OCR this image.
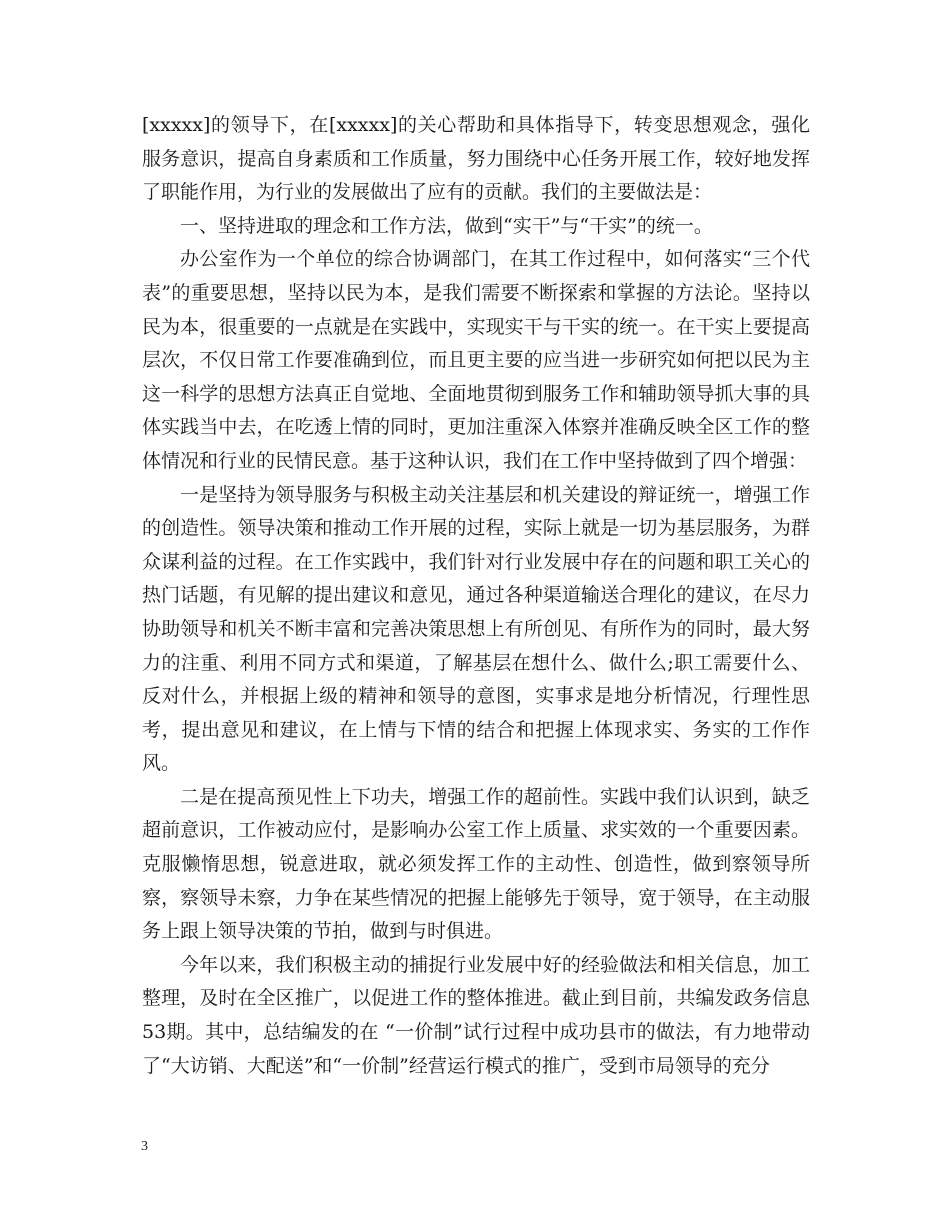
[xxxxx]的领导下，在[xxxxx]的关心帮助和具体指导下，转变思想观念，强化服务意识，提高自身素质和工作质量，努力围绕中心任务开展工作，较好地发挥了职能作用，为行业的发展做出了应有的贡献。我们的主要做法是：

一、坚持进取的理念和工作方法，做到“实干”与“干实”的统一。

办公室作为一个单位的综合协调部门，在其工作过程中，如何落实“三个代表”的重要思想，坚持以民为本，是我们需要不断探索和掌握的方法论。坚持以民为本，很重要的一点就是在实践中，实现实干与干实的统一。在干实上要提高层次，不仅日常工作要准确到位，而且更主要的应当进一步研究如何把以民为主这一科学的思想方法真正自觉地、全面地贯彻到服务工作和辅助领导抓大事的具体实践当中去，在吃透上情的同时，更加注重深入体察并准确反映全区工作的整体情况和行业的民情民意。基于这种认识，我们在工作中坚持做到了四个增强：

一是坚持为领导服务与积极主动关注基层和机关建设的辩证统一，增强工作的创造性。领导决策和推动工作开展的过程，实际上就是一切为基层服务，为群众谋利益的过程。在工作实践中，我们针对行业发展中存在的问题和职工关心的热门话题，有见解的提出建议和意见，通过各种渠道输送合理化的建议，在尽力协助领导和机关不断丰富和完善决策思想上有所创见、有所作为的同时，最大努力的注重、利用不同方式和渠道，了解基层在想什么、做什么;职工需要什么、反对什么，并根据上级的精神和领导的意图，实事求是地分析情况，行理性思考，提出意见和建议，在上情与下情的结合和把握上体现求实、务实的工作作风。

二是在提高预见性上下功夫，增强工作的超前性。实践中我们认识到，缺乏超前意识，工作被动应付，是影响办公室工作上质量、求实效的一个重要因素。克服懒惰思想，锐意进取，就必须发挥工作的主动性、创造性，做到察领导所察，察领导未察，力争在某些情况的把握上能够先于领导，宽于领导，在主动服务上跟上领导决策的节拍，做到与时俱进。

今年以来，我们积极主动的捕捉行业发展中好的经验做法和相关信息，加工整理，及时在全区推广，以促进工作的整体推进。截止到目前，共编发政务信息53期。其中，总结编发的在 “一价制”试行过程中成功县市的做法，有力地带动了“大访销、大配送”和“一价制”经营运行模式的推广，受到市局领导的充分

3
